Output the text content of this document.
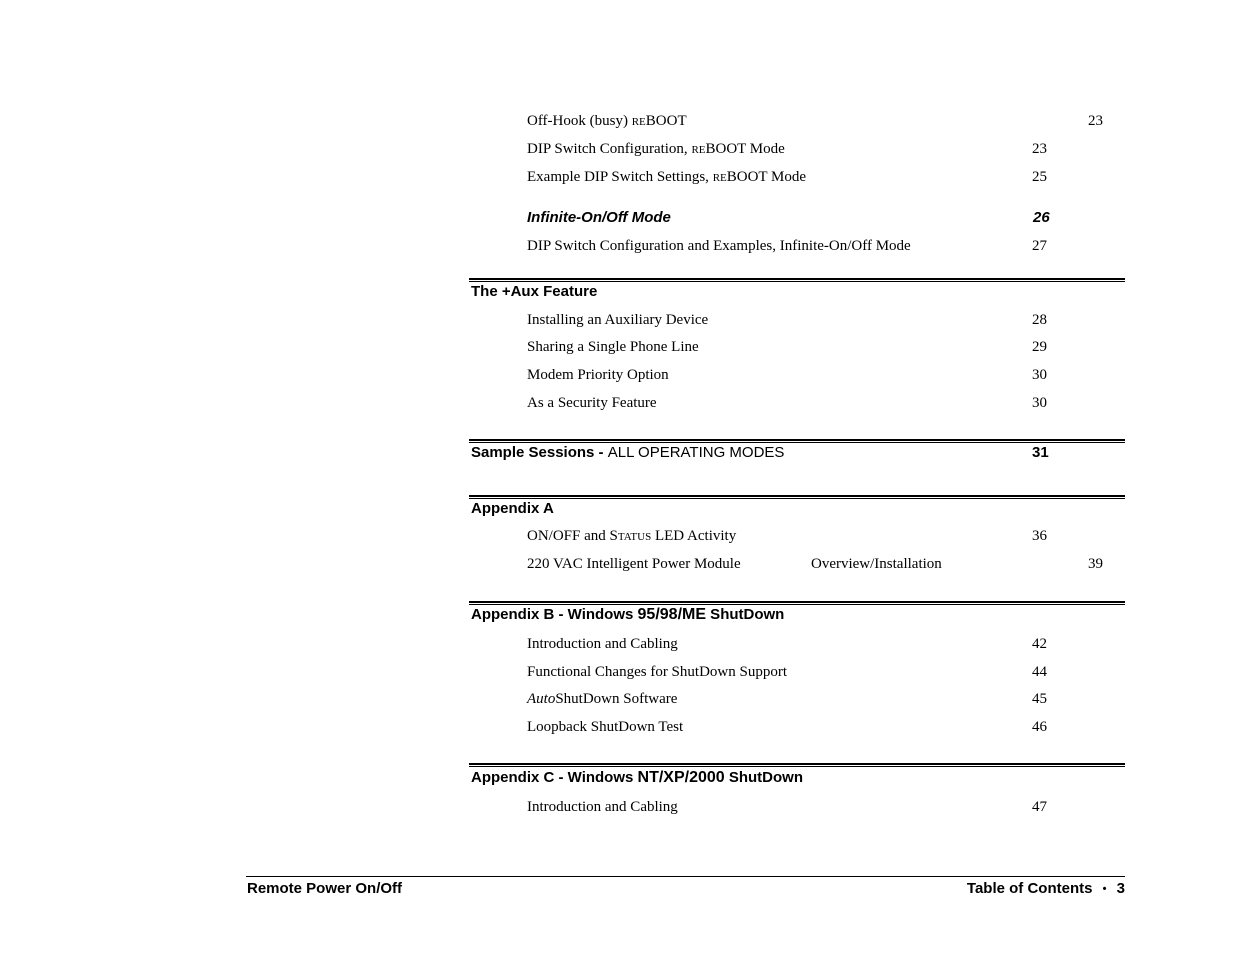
Off-Hook (busy) REBOOT	23
DIP Switch Configuration, REBOOT Mode	23
Example DIP Switch Settings, REBOOT Mode	25
Infinite-On/Off Mode	26
DIP Switch Configuration and Examples, Infinite-On/Off Mode	27
The +Aux Feature
Installing an Auxiliary Device	28
Sharing a Single Phone Line	29
Modem Priority Option	30
As a Security Feature	30
Sample Sessions - ALL OPERATING MODES	31
Appendix A
ON/OFF and STATUS LED Activity	36
220 VAC Intelligent Power Module	Overview/Installation	39
Appendix B - Windows 95/98/ME ShutDown
Introduction and Cabling	42
Functional Changes for ShutDown Support	44
AutoShutDown Software	45
Loopback ShutDown Test	46
Appendix C - Windows NT/XP/2000 ShutDown
Introduction and Cabling	47
Remote Power On/Off	Table of Contents • 3
